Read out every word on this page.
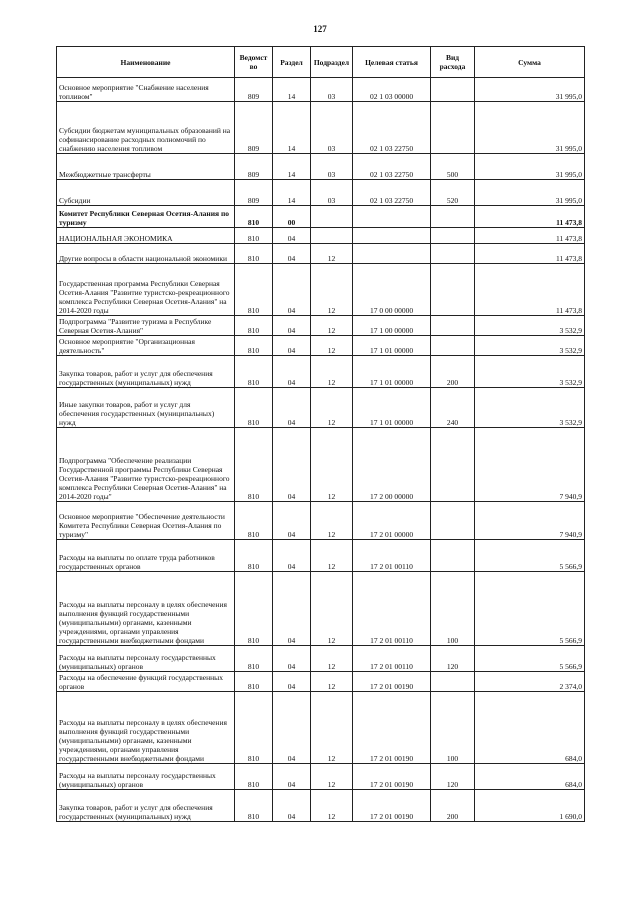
127
Наименование	Ведомст во	Раздел	Подраздел	Целевая статья	Вид расхода	Сумма
Основное мероприятие "Снабжение населения топливом"	809	14	03	02 1 03 00000		31 995,0
Субсидии бюджетам муниципальных образований на софинансирование расходных полномочий по снабжению населения топливом	809	14	03	02 1 03 22750		31 995,0
Межбюджетные трансферты	809	14	03	02 1 03 22750	500	31 995,0
Субсидии	809	14	03	02 1 03 22750	520	31 995,0
Комитет Республики Северная Осетия-Алания по туризму	810	00				11 473,8
НАЦИОНАЛЬНАЯ ЭКОНОМИКА	810	04				11 473,8
Другие вопросы в области национальной экономики	810	04	12			11 473,8
Государственная программа Республики Северная Осетия-Алания "Развитие туристско-рекреационного комплекса Республики Северная Осетия-Алания" на 2014-2020 годы	810	04	12	17 0 00 00000		11 473,8
Подпрограмма "Развитие туризма в Республике Северная Осетия-Алания"	810	04	12	17 1 00 00000		3 532,9
Основное мероприятие "Организационная деятельность"	810	04	12	17 1 01 00000		3 532,9
Закупка товаров, работ и услуг для обеспечения государственных (муниципальных) нужд	810	04	12	17 1 01 00000	200	3 532,9
Иные закупки товаров, работ и услуг для обеспечения государственных (муниципальных) нужд	810	04	12	17 1 01 00000	240	3 532,9
Подпрограмма "Обеспечение реализации Государственной программы Республики Северная Осетия-Алания "Развитие туристско-рекреационного комплекса Республики Северная Осетия-Алания" на 2014-2020 годы"	810	04	12	17 2 00 00000		7 940,9
Основное мероприятие "Обеспечение деятельности Комитета Республики Северная Осетия-Алания по туризму"	810	04	12	17 2 01 00000		7 940,9
Расходы на выплаты по оплате труда работников государственных органов	810	04	12	17 2 01 00110		5 566,9
Расходы на выплаты персоналу в целях обеспечения выполнения функций государственными (муниципальными) органами, казенными учреждениями, органами управления государственными внебюджетными фондами	810	04	12	17 2 01 00110	100	5 566,9
Расходы на выплаты персоналу государственных (муниципальных) органов	810	04	12	17 2 01 00110	120	5 566,9
Расходы на обеспечение функций государственных органов	810	04	12	17 2 01 00190		2 374,0
Расходы на выплаты персоналу в целях обеспечения выполнения функций государственными (муниципальными) органами, казенными учреждениями, органами управления государственными внебюджетными фондами	810	04	12	17 2 01 00190	100	684,0
Расходы на выплаты персоналу государственных (муниципальных) органов	810	04	12	17 2 01 00190	120	684,0
Закупка товаров, работ и услуг для обеспечения государственных (муниципальных) нужд	810	04	12	17 2 01 00190	200	1 690,0
